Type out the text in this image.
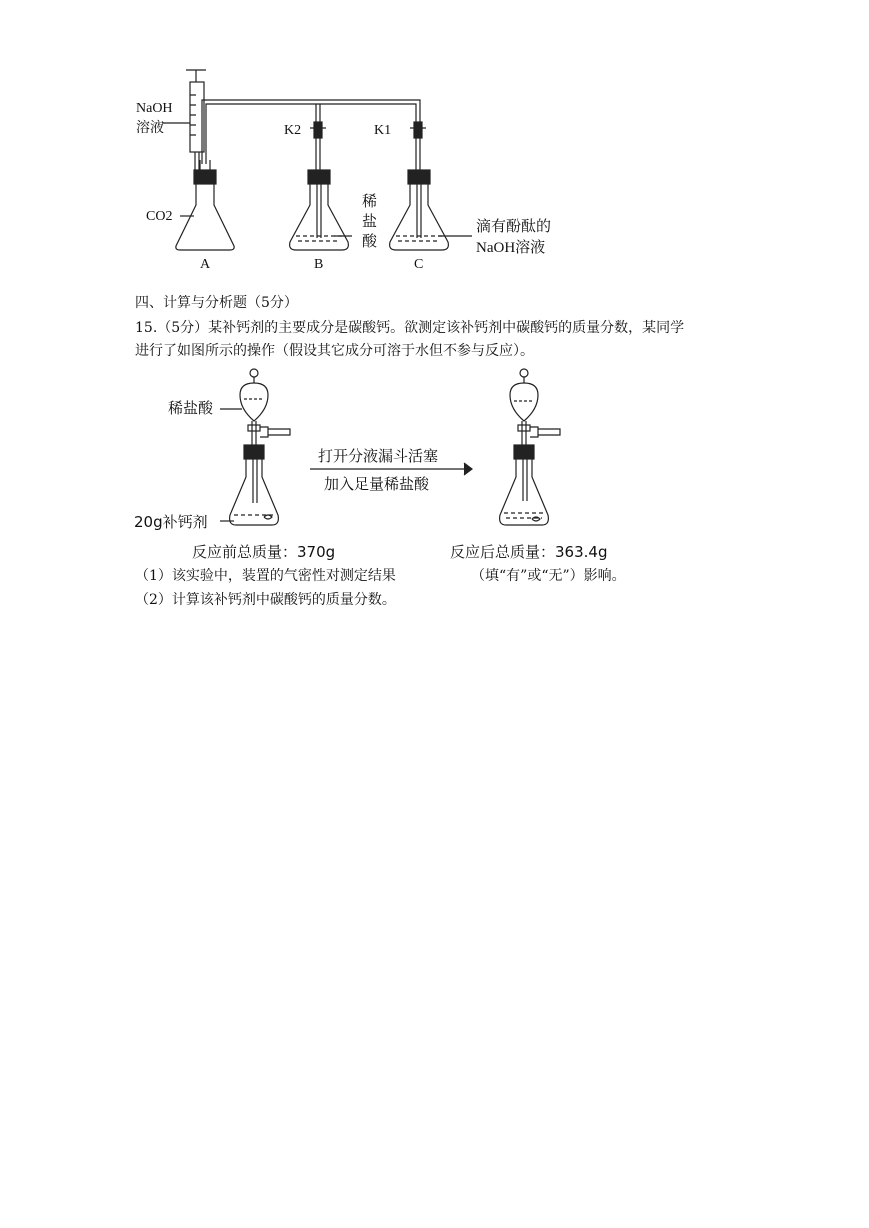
NaOH
溶液
CO2
K2	K1
稀
盐
酸
滴有酚酞的
NaOH溶液
A	B	C
四、计算与分析题（5分）
15.（5分）某补钙剂的主要成分是碳酸钙。欲测定该补钙剂中碳酸钙的质量分数，某同学
进行了如图所示的操作（假设其它成分可溶于水但不参与反应）。
稀盐酸
20g补钙剂
打开分液漏斗活塞
加入足量稀盐酸
反应前总质量：370g	反应后总质量：363.4g
（1）该实验中，装置的气密性对测定结果	（填“有”或“无”）影响。
（2）计算该补钙剂中碳酸钙的质量分数。
